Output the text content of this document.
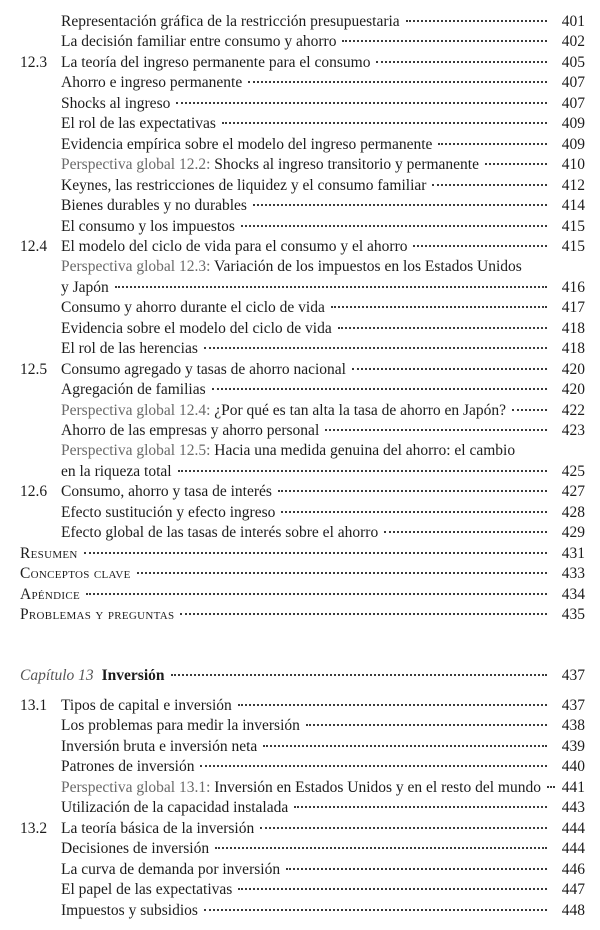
Representación gráfica de la restricción presupuestaria	401
La decisión familiar entre consumo y ahorro	402
12.3 La teoría del ingreso permanente para el consumo	405
Ahorro e ingreso permanente	407
Shocks al ingreso	407
El rol de las expectativas	409
Evidencia empírica sobre el modelo del ingreso permanente	409
Perspectiva global 12.2: Shocks al ingreso transitorio y permanente	410
Keynes, las restricciones de liquidez y el consumo familiar	412
Bienes durables y no durables	414
El consumo y los impuestos	415
12.4 El modelo del ciclo de vida para el consumo y el ahorro	415
Perspectiva global 12.3: Variación de los impuestos en los Estados Unidos
y Japón	416
Consumo y ahorro durante el ciclo de vida	417
Evidencia sobre el modelo del ciclo de vida	418
El rol de las herencias	418
12.5 Consumo agregado y tasas de ahorro nacional	420
Agregación de familias	420
Perspectiva global 12.4: ¿Por qué es tan alta la tasa de ahorro en Japón?	422
Ahorro de las empresas y ahorro personal	423
Perspectiva global 12.5: Hacia una medida genuina del ahorro: el cambio
en la riqueza total	425
12.6 Consumo, ahorro y tasa de interés	427
Efecto sustitución y efecto ingreso	428
Efecto global de las tasas de interés sobre el ahorro	429
Resumen	431
Conceptos clave	433
Apéndice	434
Problemas y preguntas	435
Capítulo 13 Inversión	437
13.1 Tipos de capital e inversión	437
Los problemas para medir la inversión	438
Inversión bruta e inversión neta	439
Patrones de inversión	440
Perspectiva global 13.1: Inversión en Estados Unidos y en el resto del mundo 441
Utilización de la capacidad instalada	443
13.2 La teoría básica de la inversión	444
Decisiones de inversión	444
La curva de demanda por inversión	446
El papel de las expectativas	447
Impuestos y subsidios	448
